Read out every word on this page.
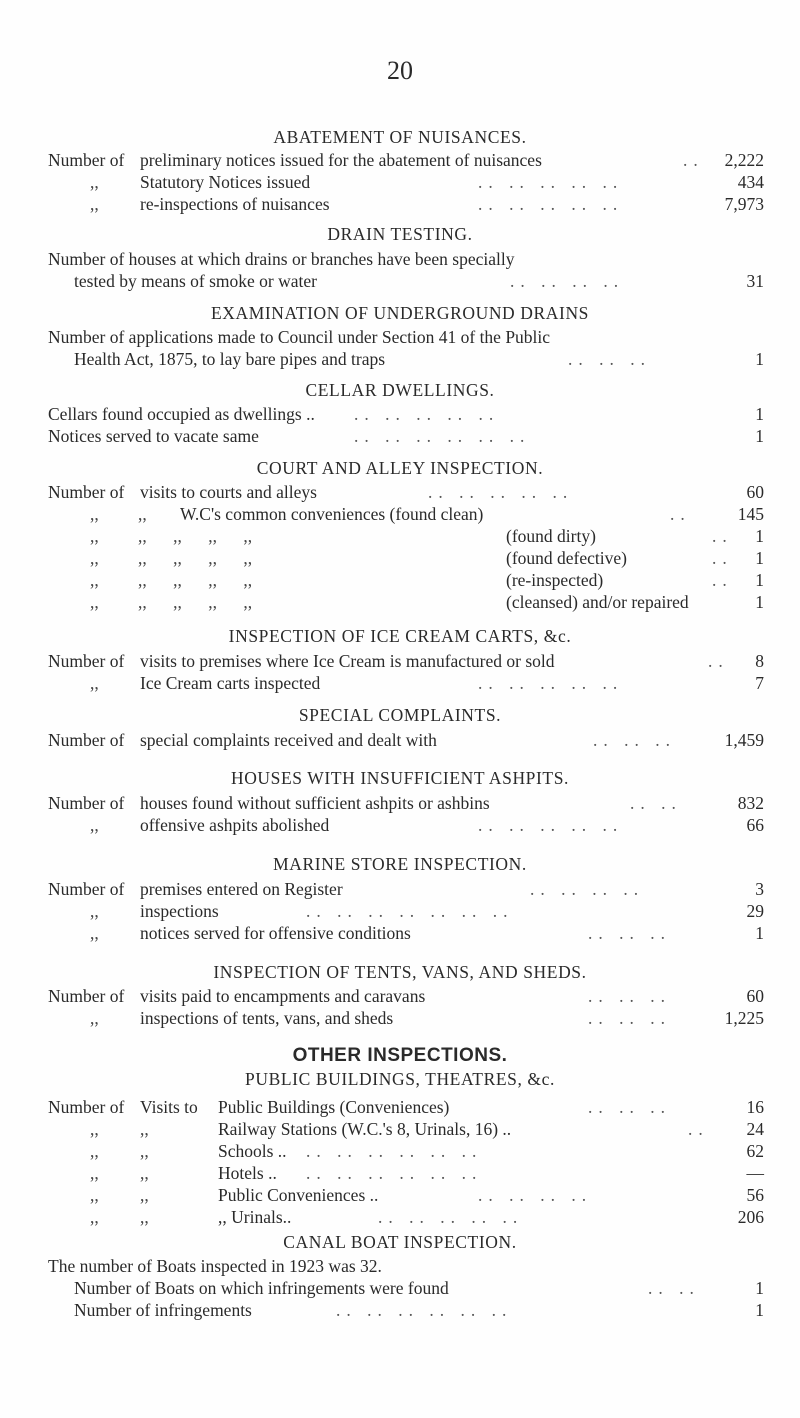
20
ABATEMENT OF NUISANCES.
Number of preliminary notices issued for the abatement of nuisances	.. 2,222
,,	Statutory Notices issued	.. .. .. .. ..	434
,,	re-inspections of nuisances	.. .. .. .. ..	7,973
DRAIN TESTING.
Number of houses at which drains or branches have been specially
tested by means of smoke or water	.. .. .. ..	31
EXAMINATION OF UNDERGROUND DRAINS
Number of applications made to Council under Section 41 of the Public
Health Act, 1875, to lay bare pipes and traps	.. .. ..	1
CELLAR DWELLINGS.
Cellars found occupied as dwellings .. .. .. .. .. ..	1
Notices served to vacate same	.. .. .. .. .. ..	1
COURT AND ALLEY INSPECTION.
Number of visits to courts and alleys	.. .. .. .. ..	60
,,	,, W.C's common conveniences (found clean)	..	145
,,	,, ,, ,, ,,	(found dirty)	.. 1
,,	,, ,, ,, ,,	(found defective)	.. 1
,,	,, ,, ,, ,,	(re-inspected)	.. 1
,,	,, ,, ,, ,,	(cleansed) and/or repaired	1
INSPECTION OF ICE CREAM CARTS, &c.
Number of visits to premises where Ice Cream is manufactured or sold	.. 8
,,	Ice Cream carts inspected	.. .. .. .. ..	7
SPECIAL COMPLAINTS.
Number of special complaints received and dealt with	.. .. ..	1,459
HOUSES WITH INSUFFICIENT ASHPITS.
Number of houses found without sufficient ashpits or ashbins	.. ..	832
,,	offensive ashpits abolished	.. .. .. .. ..	66
MARINE STORE INSPECTION.
Number of premises entered on Register	.. .. .. ..	3
,,	inspections	.. .. .. .. .. .. ..	29
,,	notices served for offensive conditions	.. .. ..	1
INSPECTION OF TENTS, VANS, AND SHEDS.
Number of visits paid to encampments and caravans	.. .. ..	60
,,	inspections of tents, vans, and sheds	.. .. ..	1,225
OTHER INSPECTIONS.
PUBLIC BUILDINGS, THEATRES, &c.
Number of Visits to Public Buildings (Conveniences)	.. .. ..	16
,,	,,	Railway Stations (W.C.'s 8, Urinals, 16) ..	.. 24
,,	,,	Schools .. .. .. .. .. .. ..	62
,,	,,	Hotels .. .. .. .. .. .. ..	—
,,	,,	Public Conveniences ..	.. .. .. ..	56
,,	,,	,, Urinals..	.. .. .. .. ..	206
CANAL BOAT INSPECTION.
The number of Boats inspected in 1923 was 32.
Number of Boats on which infringements were found	.. ..	1
Number of infringements	.. .. .. .. .. ..	1
